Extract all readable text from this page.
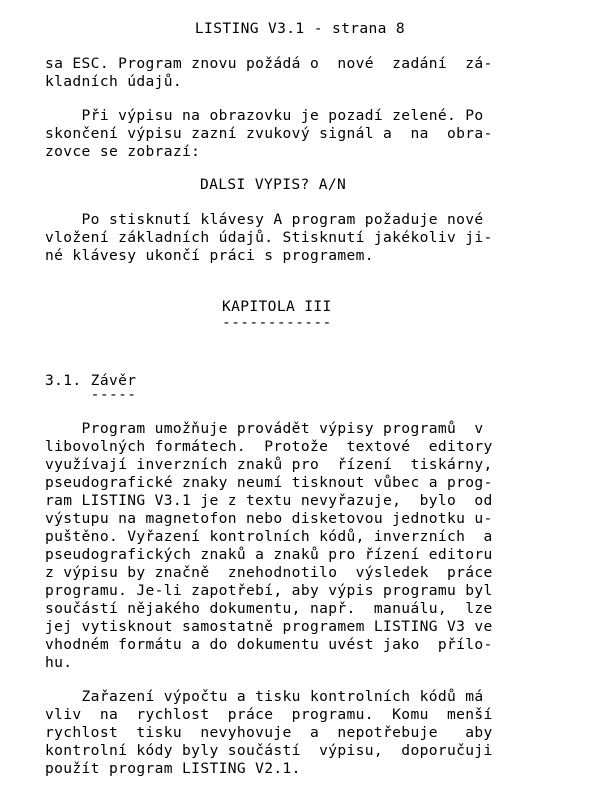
LISTING V3.1 - strana 8
sa ESC. Program znovu požádá o  nové  zadání  zá-
kladních údajů.
Při výpisu na obrazovku je pozadí zelené. Po
skončení výpisu zazní zvukový signál a  na  obra-
zovce se zobrazí:
DALSI VYPIS? A/N
Po stisknutí klávesy A program požaduje nové
vložení základních údajů. Stisknutí jakékoliv ji-
né klávesy ukončí práci s programem.
KAPITOLA III
------------
3.1. Závěr
-----
Program umožňuje provádět výpisy programů  v
libovolných formátech.  Protože  textové  editory
využívají inverzních znaků pro  řízení  tiskárny,
pseudografické znaky neumí tisknout vůbec a prog-
ram LISTING V3.1 je z textu nevyřazuje,  bylo  od
výstupu na magnetofon nebo disketovou jednotku u-
puštěno. Vyřazení kontrolních kódů, inverzních  a
pseudografických znaků a znaků pro řízení editoru
z výpisu by značně  znehodnotilo  výsledek  práce
programu. Je-li zapotřebí, aby výpis programu byl
součástí nějakého dokumentu, např.  manuálu,  lze
jej vytisknout samostatně programem LISTING V3 ve
vhodném formátu a do dokumentu uvést jako  přílo-
hu.
Zařazení výpočtu a tisku kontrolních kódů má
vliv  na  rychlost  práce  programu.  Komu  menší
rychlost  tisku  nevyhovuje  a  nepotřebuje   aby
kontrolní kódy byly součástí  výpisu,  doporučuji
použít program LISTING V2.1.
